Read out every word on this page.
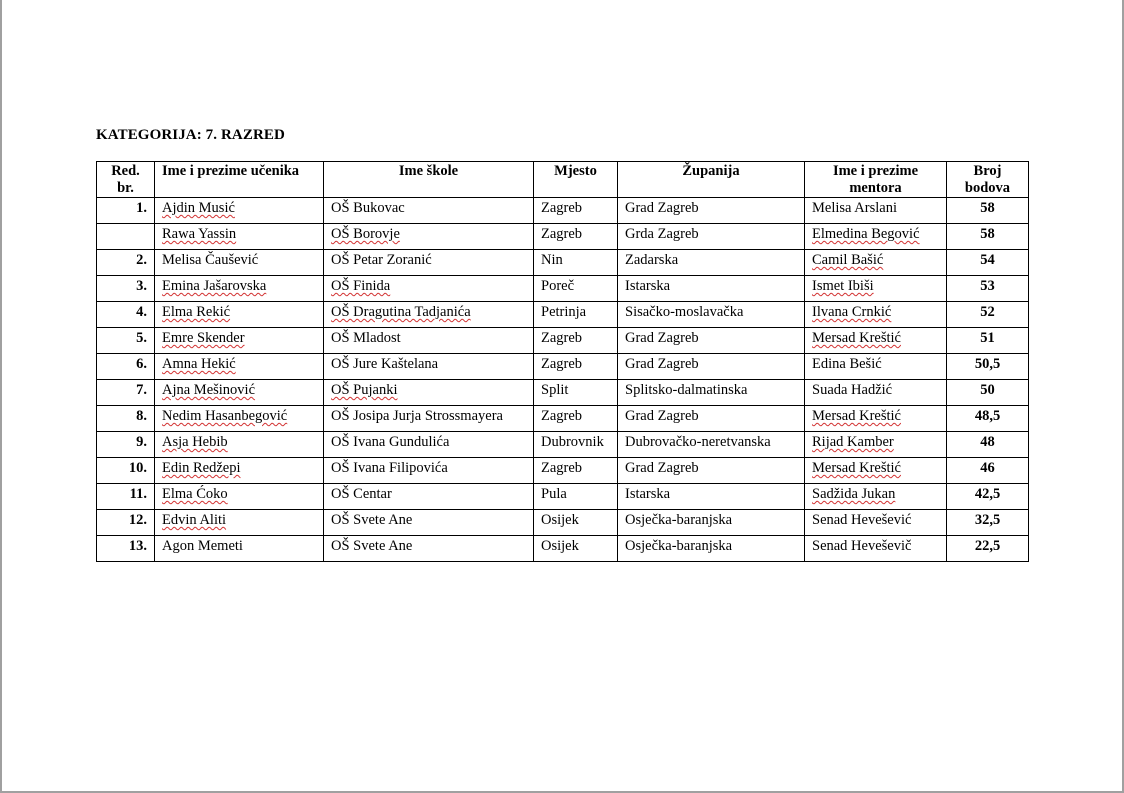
KATEGORIJA: 7. RAZRED
Red. br.	Ime i prezime učenika	Ime škole	Mjesto	Županija	Ime i prezime mentora	Broj bodova

1.	Ajdin Musić	OŠ Bukovac	Zagreb	Grad Zagreb	Melisa Arslani	58
	Rawa Yassin	OŠ Borovje	Zagreb	Grda Zagreb	Elmedina Begović	58
2.	Melisa Čaušević	OŠ Petar Zoranić	Nin	Zadarska	Camil Bašić	54
3.	Emina Jašarovska	OŠ Finida	Poreč	Istarska	Ismet Ibiši	53
4.	Elma Rekić	OŠ Dragutina Tadjanića	Petrinja	Sisačko-moslavačka	Ilvana Crnkić	52
5.	Emre Skender	OŠ Mladost	Zagreb	Grad Zagreb	Mersad Kreštić	51
6.	Amna Hekić	OŠ Jure Kaštelana	Zagreb	Grad Zagreb	Edina Bešić	50,5
7.	Ajna Mešinović	OŠ Pujanki	Split	Splitsko-dalmatinska	Suada Hadžić	50
8.	Nedim Hasanbegović	OŠ Josipa Jurja Strossmayera	Zagreb	Grad Zagreb	Mersad Kreštić	48,5
9.	Asja Hebib	OŠ Ivana Gundulića	Dubrovnik	Dubrovačko-neretvanska	Rijad Kamber	48
10.	Edin Redžepi	OŠ Ivana Filipovića	Zagreb	Grad Zagreb	Mersad Kreštić	46
11.	Elma Ćoko	OŠ Centar	Pula	Istarska	Sadžida Jukan	42,5
12.	Edvin Aliti	OŠ Svete Ane	Osijek	Osječka-baranjska	Senad Hevešević	32,5
13.	Agon Memeti	OŠ Svete Ane	Osijek	Osječka-baranjska	Senad Heveševič	22,5
